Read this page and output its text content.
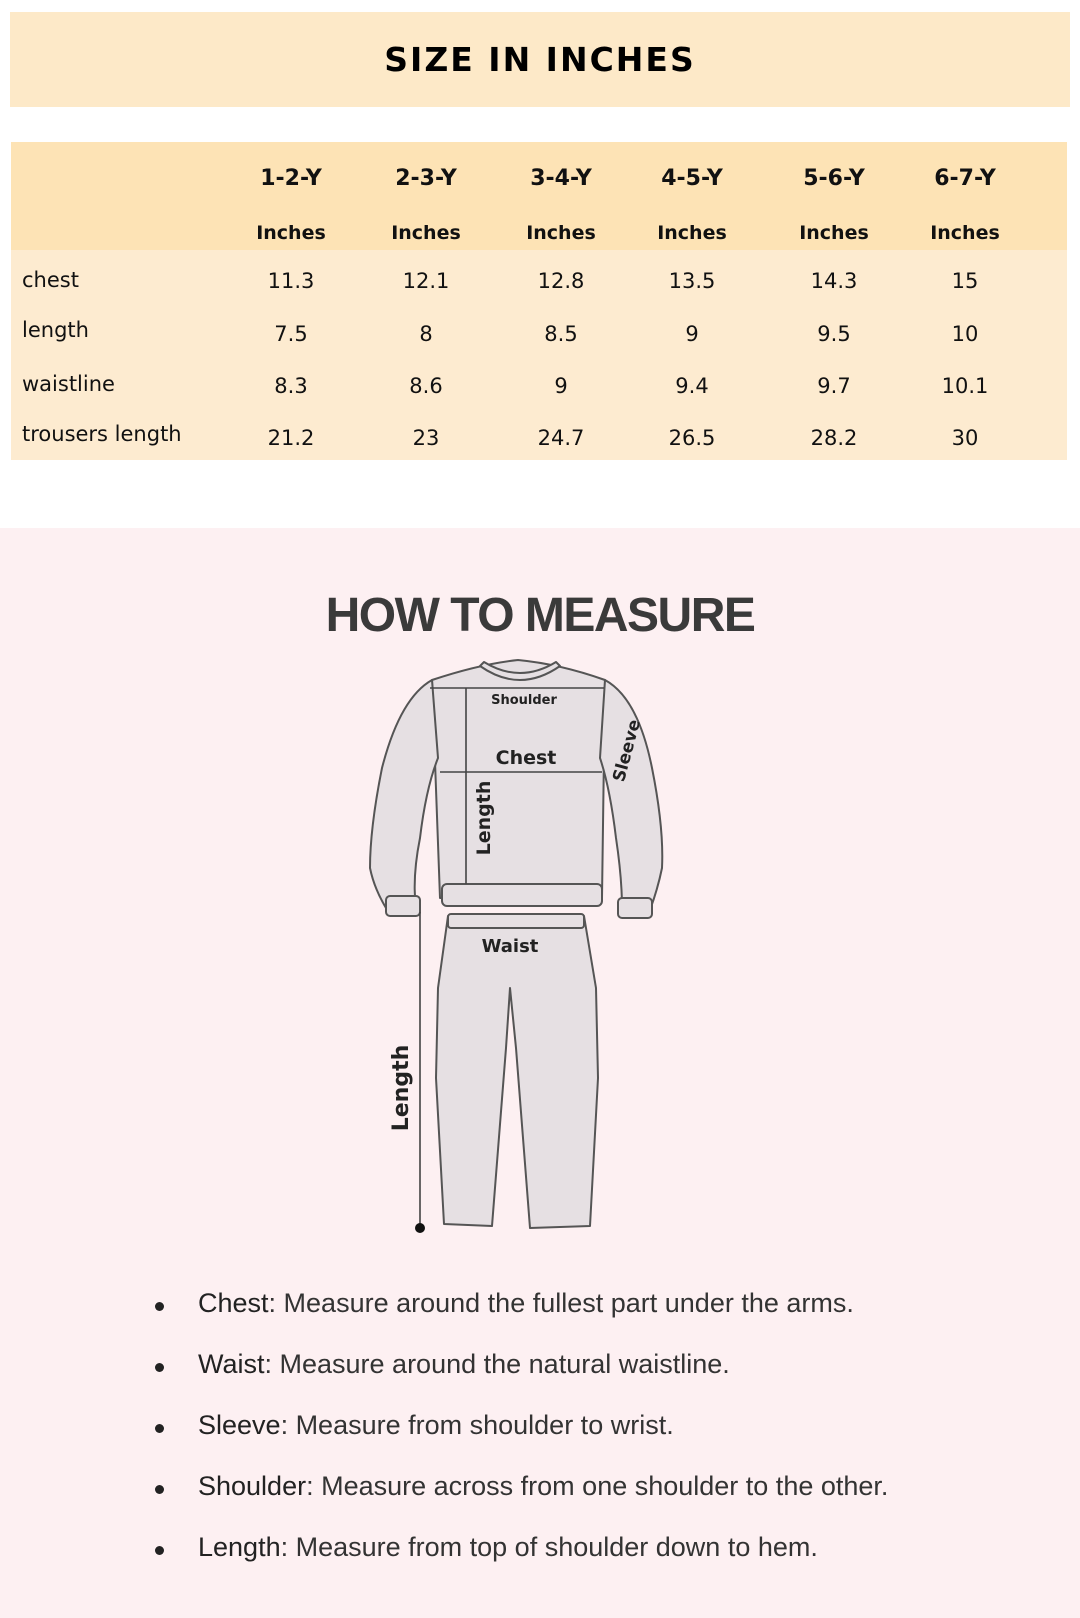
SIZE IN INCHES
1-2-Y	2-3-Y	3-4-Y	4-5-Y	5-6-Y	6-7-Y
Inches	Inches	Inches	Inches	Inches	Inches
chest	11.3	12.1	12.8	13.5	14.3	15
length	7.5	8	8.5	9	9.5	10
waistline	8.3	8.6	9	9.4	9.7	10.1
trousers length	21.2	23	24.7	26.5	28.2	30
HOW TO MEASURE
Shoulder
Chest	Sleeve
Length
Waist
Length
Chest: Measure around the fullest part under the arms.
Waist: Measure around the natural waistline.
Sleeve: Measure from shoulder to wrist.
Shoulder: Measure across from one shoulder to the other.
Length: Measure from top of shoulder down to hem.
